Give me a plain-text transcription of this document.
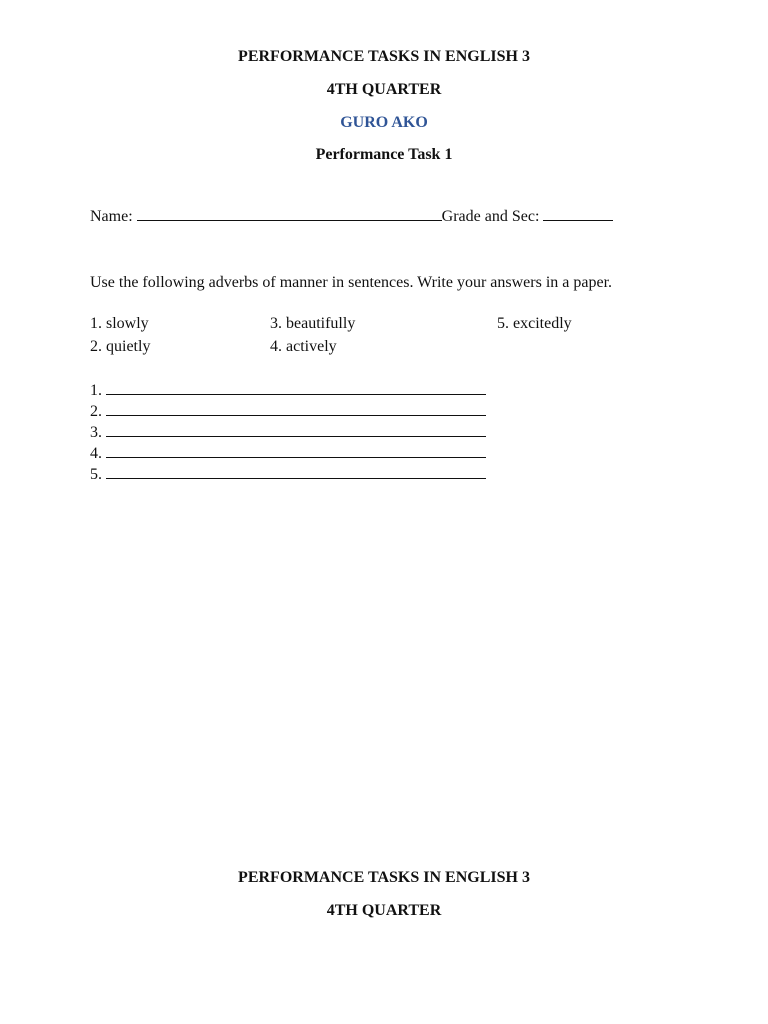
PERFORMANCE TASKS IN ENGLISH 3
4TH QUARTER
GURO AKO
Performance Task 1
Name:	Grade and Sec:
Use the following adverbs of manner in sentences. Write your answers in a paper.
1. slowly
2. quietly
3. beautifully
4. actively
5. excitedly
1.
2.
3.
4.
5.
PERFORMANCE TASKS IN ENGLISH 3
4TH QUARTER
